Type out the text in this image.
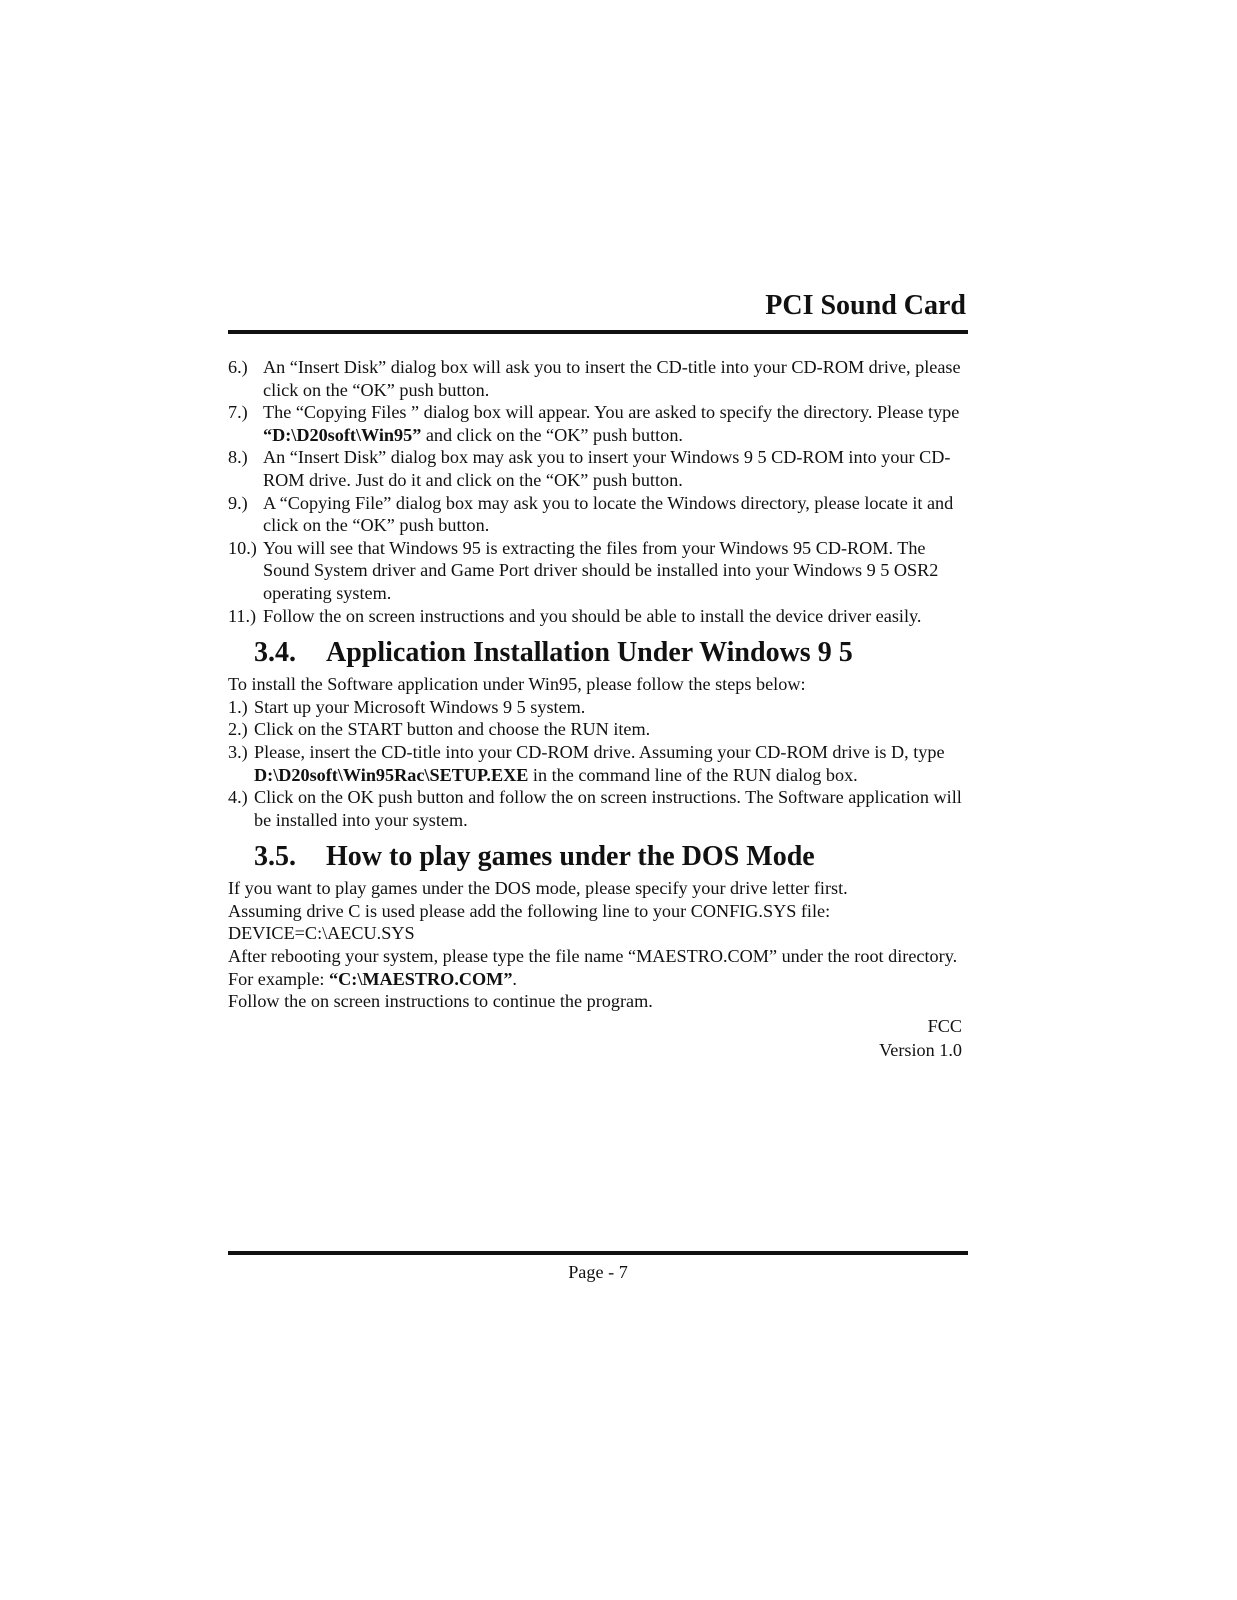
PCI Sound Card
6.) An “Insert Disk” dialog box will ask you to insert the CD-title into your CD-ROM drive, please click on the “OK” push button.
7.) The “Copying Files ” dialog box will appear. You are asked to specify the directory. Please type “D:\D20soft\Win95” and click on the “OK” push button.
8.) An “Insert Disk” dialog box may ask you to insert your Windows 9 5 CD-ROM into your CD-ROM drive. Just do it and click on the “OK” push button.
9.) A “Copying File” dialog box may ask you to locate the Windows directory, please locate it and click on the “OK” push button.
10.) You will see that Windows 95 is extracting the files from your Windows 95 CD-ROM. The Sound System driver and Game Port driver should be installed into your Windows 9 5 OSR2 operating system.
11.) Follow the on screen instructions and you should be able to install the device driver easily.
3.4.	Application Installation Under Windows 9 5

To install the Software application under Win95, please follow the steps below:

1.) Start up your Microsoft Windows 9 5 system.
2.) Click on the START button and choose the RUN item.
3.) Please, insert the CD-title into your CD-ROM drive. Assuming your CD-ROM drive is D, type D:\D20soft\Win95Rac\SETUP.EXE in the command line of the RUN dialog box.
4.) Click on the OK push button and follow the on screen instructions. The Software application will be installed into your system.
3.5.	How to play games under the DOS Mode

If you want to play games under the DOS mode, please specify your drive letter first.

Assuming drive C is used please add the following line to your CONFIG.SYS file:

DEVICE=C:\AECU.SYS

After rebooting your system, please type the file name “MAESTRO.COM” under the root directory. For example: “C:\MAESTRO.COM”.

Follow the on screen instructions to continue the program.

FCC
Version 1.0
Page - 7
